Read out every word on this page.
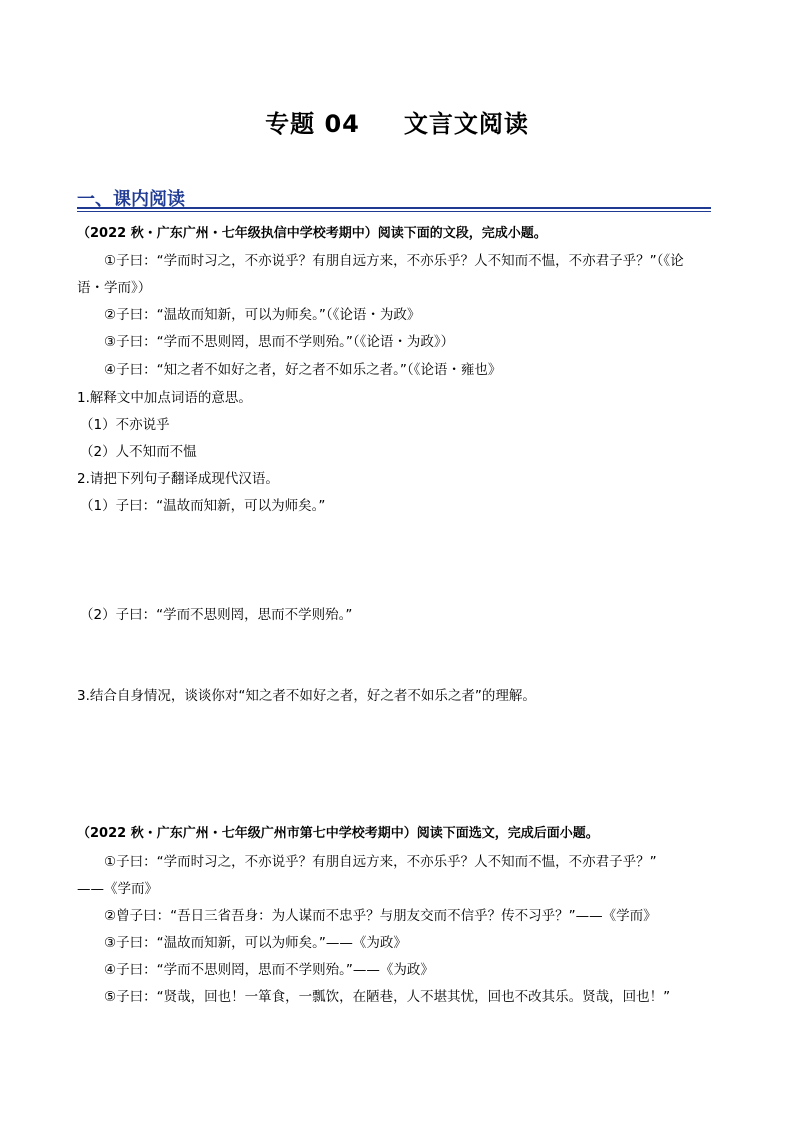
专题 04 文言文阅读
一、课内阅读
（2022 秋・广东广州・七年级执信中学校考期中）阅读下面的文段，完成小题。
①子曰：“学而时习之，不亦说乎？有朋自远方来，不亦乐乎？人不知而不愠，不亦君子乎？”（《论
语・学而》）
②子曰：“温故而知新，可以为师矣。”（《论语・为政》
③子曰：“学而不思则罔，思而不学则殆。”（《论语・为政》）
④子曰：“知之者不如好之者，好之者不如乐之者。”（《论语・雍也》
1.解释文中加点词语的意思。
（1）不亦说乎
（2）人不知而不愠
2.请把下列句子翻译成现代汉语。
（1）子曰：“温故而知新，可以为师矣。”
（2）子曰：“学而不思则罔，思而不学则殆。”
3.结合自身情况，谈谈你对“知之者不如好之者，好之者不如乐之者”的理解。
（2022 秋・广东广州・七年级广州市第七中学校考期中）阅读下面选文，完成后面小题。
①子曰：“学而时习之，不亦说乎？有朋自远方来，不亦乐乎？人不知而不愠，不亦君子乎？”
——《学而》
②曾子曰：“吾日三省吾身：为人谋而不忠乎？与朋友交而不信乎？传不习乎？”——《学而》
③子曰：“温故而知新，可以为师矣。”——《为政》
④子曰：“学而不思则罔，思而不学则殆。”——《为政》
⑤子曰：“贤哉，回也！一箪食，一瓢饮，在陋巷，人不堪其忧，回也不改其乐。贤哉，回也！”
